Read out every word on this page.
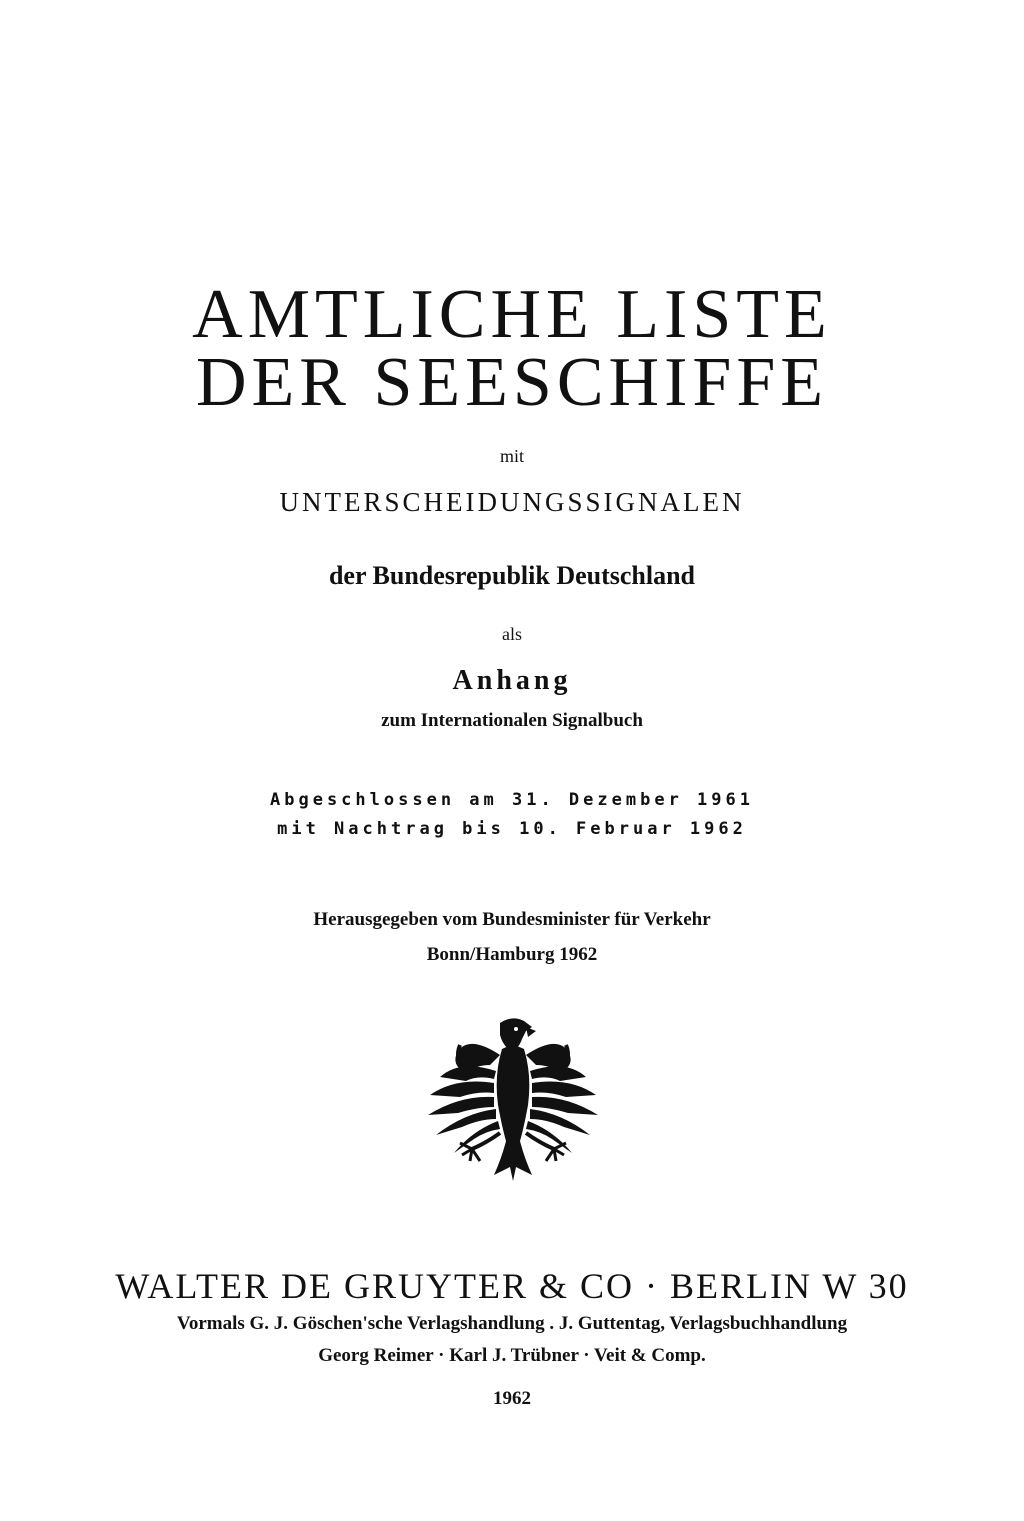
AMTLICHE LISTE
DER SEESCHIFFE
mit
UNTERSCHEIDUNGSSIGNALEN
der Bundesrepublik Deutschland
als
Anhang
zum Internationalen Signalbuch
Abgeschlossen am 31. Dezember 1961
mit Nachtrag bis 10. Februar 1962
Herausgegeben vom Bundesminister für Verkehr
Bonn/Hamburg 1962
WALTER DE GRUYTER & CO · BERLIN W 30
Vormals G. J. Göschen'sche Verlagshandlung . J. Guttentag, Verlagsbuchhandlung
Georg Reimer · Karl J. Trübner · Veit & Comp.
1962
